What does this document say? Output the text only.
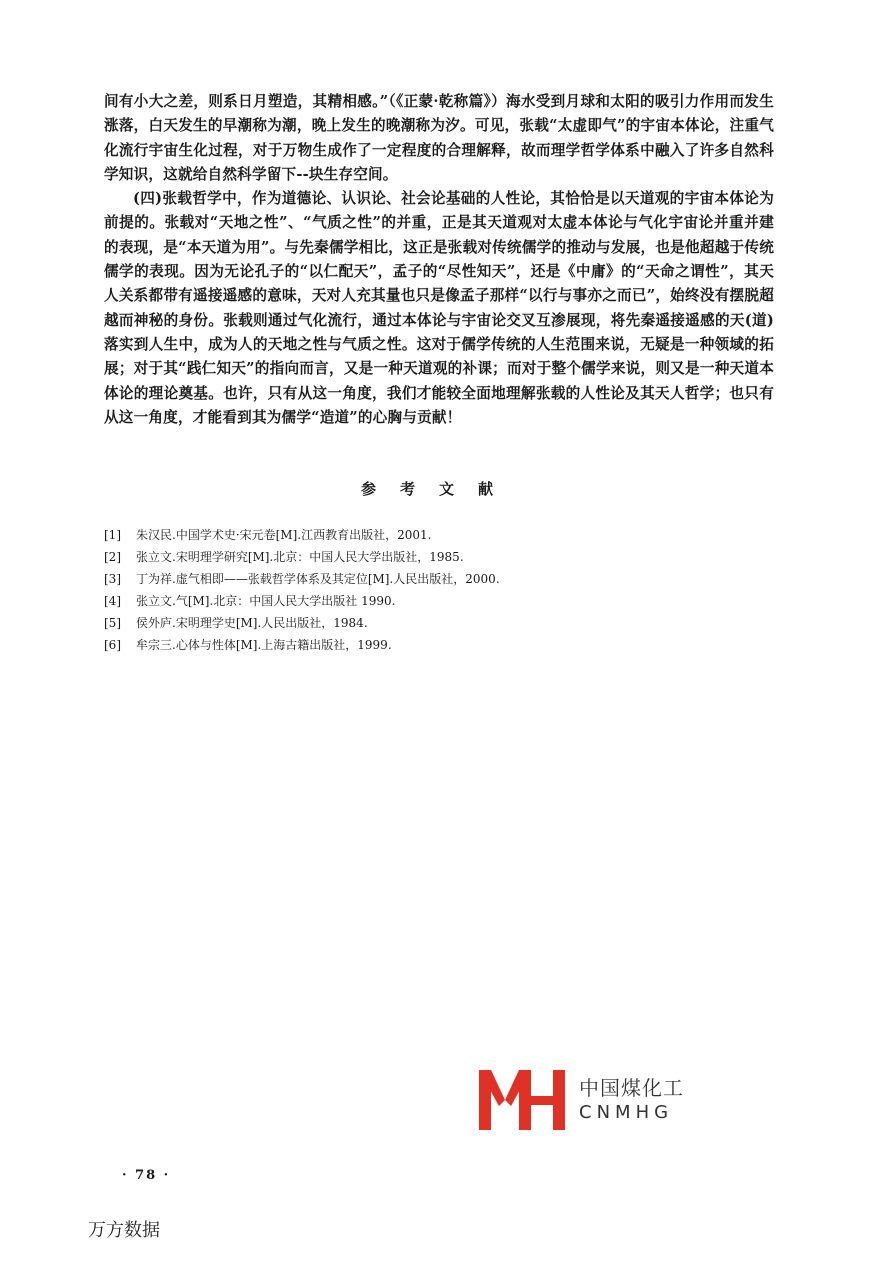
间有小大之差，则系日月塑造，其精相感。”（《正蒙·乾称篇》）海水受到月球和太阳的吸引力作用而发生涨落，白天发生的早潮称为潮，晚上发生的晚潮称为汐。可见，张载“太虚即气”的宇宙本体论，注重气化流行宇宙生化过程，对于万物生成作了一定程度的合理解释，故而理学哲学体系中融入了许多自然科学知识，这就给自然科学留下--块生存空间。

(四)张载哲学中，作为道德论、认识论、社会论基础的人性论，其恰恰是以天道观的宇宙本体论为前提的。张载对“天地之性”、“气质之性”的并重，正是其天道观对太虚本体论与气化宇宙论并重并建的表现，是“本天道为用”。与先秦儒学相比，这正是张载对传统儒学的推动与发展，也是他超越于传统儒学的表现。因为无论孔子的“以仁配天”，孟子的“尽性知天”，还是《中庸》的“天命之谓性”，其天人关系都带有遥接遥感的意味，天对人充其量也只是像孟子那样“以行与事亦之而已”，始终没有摆脱超越而神秘的身份。张载则通过气化流行，通过本体论与宇宙论交叉互渗展现，将先秦遥接遥感的天(道)落实到人生中，成为人的天地之性与气质之性。这对于儒学传统的人生范围来说，无疑是一种领域的拓展；对于其“践仁知天”的指向而言，又是一种天道观的补课；而对于整个儒学来说，则又是一种天道本体论的理论奠基。也许，只有从这一角度，我们才能较全面地理解张载的人性论及其天人哲学；也只有从这一角度，才能看到其为儒学“造道”的心胸与贡献！

参考文献
[1]	朱汉民.中国学术史·宋元卷[M].江西教育出版社，2001.
[2]	张立文.宋明理学研究[M].北京：中国人民大学出版社，1985.
[3]	丁为祥.虚气相即——张载哲学体系及其定位[M].人民出版社，2000.
[4]	张立文.气[M].北京：中国人民大学出版社 1990.
[5]	侯外庐.宋明理学史[M].人民出版社，1984.
[6]	牟宗三.心体与性体[M].上海古籍出版社，1999.
中国煤化工
CNMHG
· 78 ·
万方数据
